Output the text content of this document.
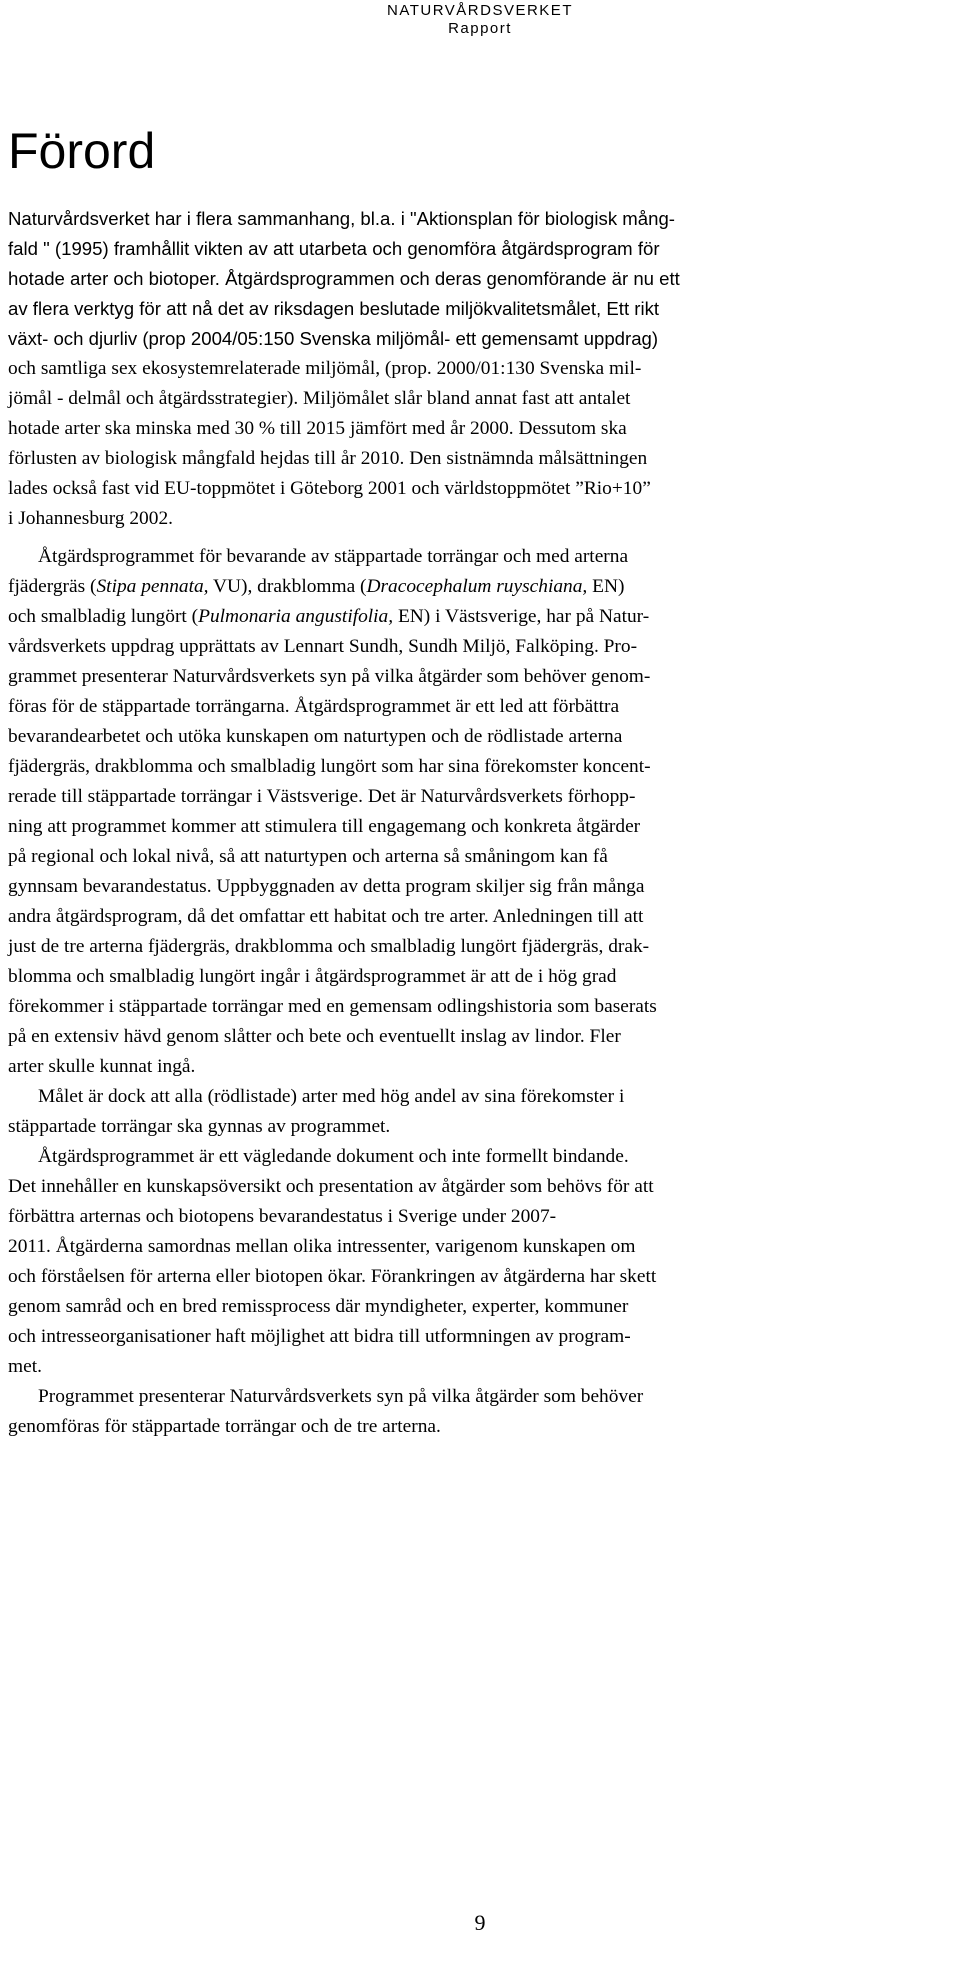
NATURVÅRDSVERKET
Rapport
Förord
Naturvårdsverket har i flera sammanhang, bl.a. i "Aktionsplan för biologisk mång-
fald " (1995) framhållit vikten av att utarbeta och genomföra åtgärdsprogram för
hotade arter och biotoper. Åtgärdsprogrammen och deras genomförande är nu ett
av flera verktyg för att nå det av riksdagen beslutade miljökvalitetsmålet, Ett rikt
växt- och djurliv (prop 2004/05:150 Svenska miljömål- ett gemensamt uppdrag)
och samtliga sex ekosystemrelaterade miljömål, (prop. 2000/01:130 Svenska mil-
jömål - delmål och åtgärdsstrategier). Miljömålet slår bland annat fast att antalet
hotade arter ska minska med 30 % till 2015 jämfört med år 2000. Dessutom ska
förlusten av biologisk mångfald hejdas till år 2010. Den sistnämnda målsättningen
lades också fast vid EU-toppmötet i Göteborg 2001 och världstoppmötet ”Rio+10”
i Johannesburg 2002.
Åtgärdsprogrammet för bevarande av stäppartade torrängar och med arterna
fjädergräs (Stipa pennata, VU), drakblomma (Dracocephalum ruyschiana, EN)
och smalbladig lungört (Pulmonaria angustifolia, EN) i Västsverige, har på Natur-
vårdsverkets uppdrag upprättats av Lennart Sundh, Sundh Miljö, Falköping. Pro-
grammet presenterar Naturvårdsverkets syn på vilka åtgärder som behöver genom-
föras för de stäppartade torrängarna. Åtgärdsprogrammet är ett led att förbättra
bevarandearbetet och utöka kunskapen om naturtypen och de rödlistade arterna
fjädergräs, drakblomma och smalbladig lungört som har sina förekomster koncent-
rerade till stäppartade torrängar i Västsverige. Det är Naturvårdsverkets förhopp-
ning att programmet kommer att stimulera till engagemang och konkreta åtgärder
på regional och lokal nivå, så att naturtypen och arterna så småningom kan få
gynnsam bevarandestatus. Uppbyggnaden av detta program skiljer sig från många
andra åtgärdsprogram, då det omfattar ett habitat och tre arter. Anledningen till att
just de tre arterna fjädergräs, drakblomma och smalbladig lungört fjädergräs, drak-
blomma och smalbladig lungört ingår i åtgärdsprogrammet är att de i hög grad
förekommer i stäppartade torrängar med en gemensam odlingshistoria som baserats
på en extensiv hävd genom slåtter och bete och eventuellt inslag av lindor. Fler
arter skulle kunnat ingå.
Målet är dock att alla (rödlistade) arter med hög andel av sina förekomster i
stäppartade torrängar ska gynnas av programmet.
Åtgärdsprogrammet är ett vägledande dokument och inte formellt bindande.
Det innehåller en kunskapsöversikt och presentation av åtgärder som behövs för att
förbättra arternas och biotopens bevarandestatus i Sverige under 2007-
2011. Åtgärderna samordnas mellan olika intressenter, varigenom kunskapen om
och förståelsen för arterna eller biotopen ökar. Förankringen av åtgärderna har skett
genom samråd och en bred remissprocess där myndigheter, experter, kommuner
och intresseorganisationer haft möjlighet att bidra till utformningen av program-
met.
Programmet presenterar Naturvårdsverkets syn på vilka åtgärder som behöver
genomföras för stäppartade torrängar och de tre arterna.
9
